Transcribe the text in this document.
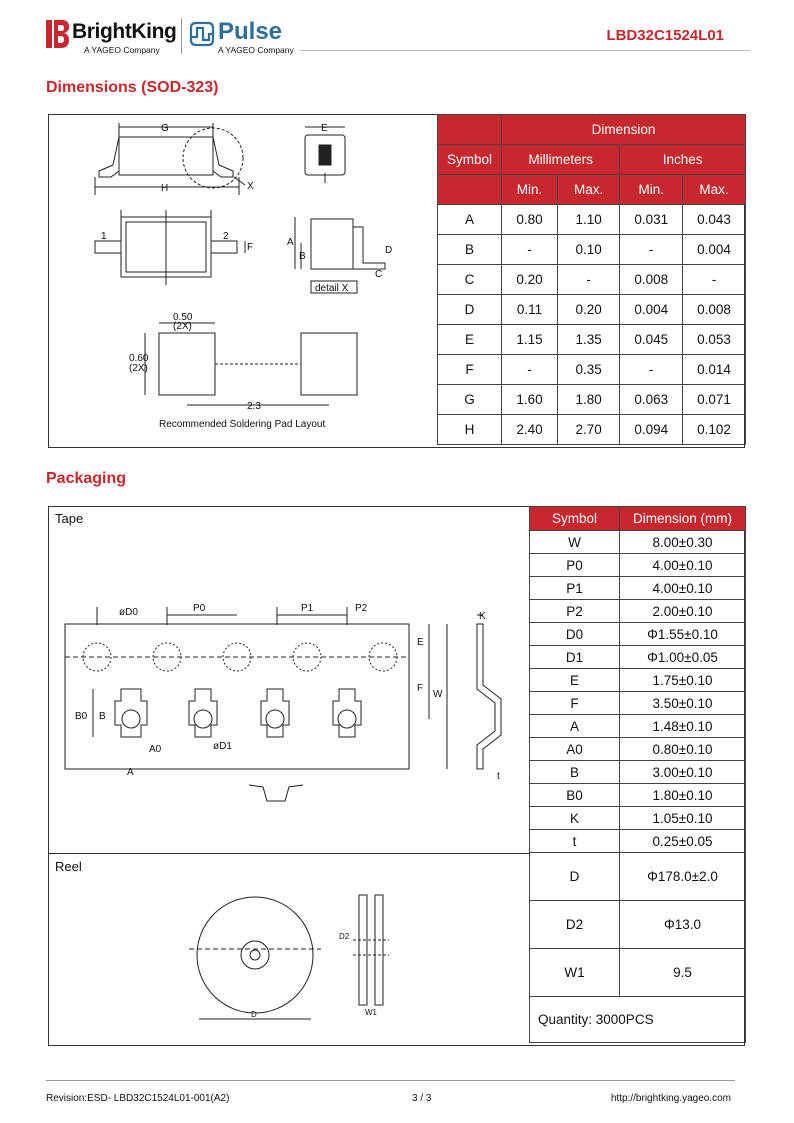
BrightKing
A YAGEO Company
Pulse
A YAGEO Company
LBD32C1524L01
Dimensions (SOD-323)
G	E
H	X
1	2
F	A
B
D
C
detail X
0.50
(2X)
0.60
(2X)
2.3
Recommended Soldering Pad Layout
	Dimension			
Symbol	Millimeters		Inches	
	Min.	Max.	Min.	Max.
A	0.80	1.10	0.031	0.043
B	-	0.10	-	0.004
C	0.20	-	0.008	-
D	0.11	0.20	0.004	0.008
E	1.15	1.35	0.045	0.053
F	-	0.35	-	0.014
G	1.60	1.80	0.063	0.071
H	2.40	2.70	0.094	0.102
Packaging
Tape
Reel
øD0	P0	P1	P2
K
E
F
W
B0 B
A0	øD1
A	t
D2
D	W1
Symbol	Dimension (mm)
W	8.00±0.30
P0	4.00±0.10
P1	4.00±0.10
P2	2.00±0.10
D0	Φ1.55±0.10
D1	Φ1.00±0.05
E	1.75±0.10
F	3.50±0.10
A	1.48±0.10
A0	0.80±0.10
B	3.00±0.10
B0	1.80±0.10
K	1.05±0.10
t	0.25±0.05
D	Φ178.0±2.0
D2	Φ13.0
W1	9.5
Quantity: 3000PCS	
Revision:ESD- LBD32C1524L01-001(A2)	3 / 3	http://brightking.yageo.com
